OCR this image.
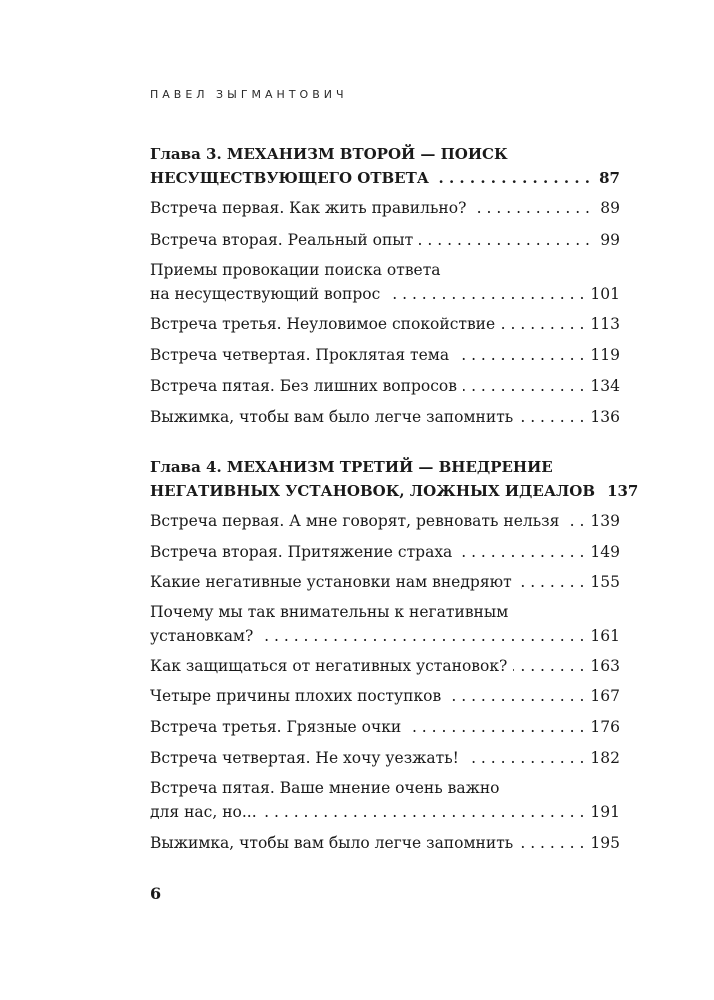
ПАВЕЛ ЗЫГМАНТОВИЧ
Глава 3. МЕХАНИЗМ ВТОРОЙ — ПОИСК
НЕСУЩЕСТВУЮЩЕГО ОТВЕТА . . .	87
Встреча первая. Как жить правильно? . . .	89
Встреча вторая. Реальный опыт . . .	99
Приемы провокации поиска ответа
на несуществующий вопрос . . .	101
Встреча третья. Неуловимое спокойствие . . .	113
Встреча четвертая. Проклятая тема . . .	119
Встреча пятая. Без лишних вопросов . . .	134
Выжимка, чтобы вам было легче запомнить . . .	136
Глава 4. МЕХАНИЗМ ТРЕТИЙ — ВНЕДРЕНИЕ
НЕГАТИВНЫХ УСТАНОВОК, ЛОЖНЫХ ИДЕАЛОВ 137
Встреча первая. А мне говорят, ревновать нельзя . . . 139
Встреча вторая. Притяжение страха . . .	149
Какие негативные установки нам внедряют . . .	155
Почему мы так внимательны к негативным
установкам? . . .	161
Как защищаться от негативных установок? . . .	163
Четыре причины плохих поступков . . .	167
Встреча третья. Грязные очки . . .	176
Встреча четвертая. Не хочу уезжать! . . .	182
Встреча пятая. Ваше мнение очень важно
для нас, но... . . .	191
Выжимка, чтобы вам было легче запомнить . . .	195
6
